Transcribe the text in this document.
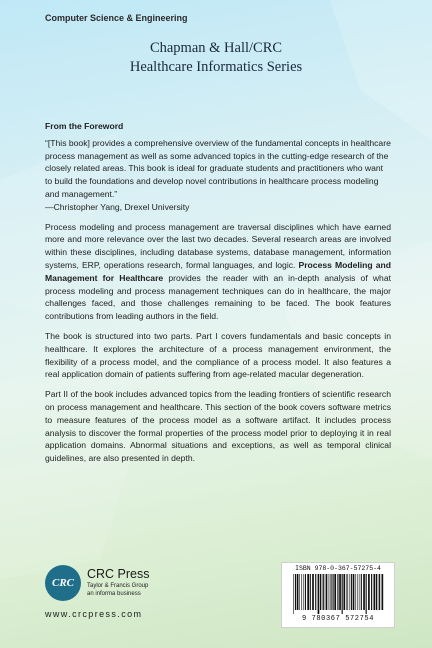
Computer Science & Engineering
Chapman & Hall/CRC
Healthcare Informatics Series
From the Foreword

“[This book] provides a comprehensive overview of the fundamental concepts in healthcare process management as well as some advanced topics in the cutting-edge research of the closely related areas. This book is ideal for graduate students and practitioners who want to build the foundations and develop novel contributions in healthcare process modeling and management.”
—Christopher Yang, Drexel University

Process modeling and process management are traversal disciplines which have earned more and more relevance over the last two decades. Several research areas are involved within these disciplines, including database systems, database management, information systems, ERP, operations research, formal languages, and logic. Process Modeling and Management for Healthcare provides the reader with an in-depth analysis of what process modeling and process management techniques can do in healthcare, the major challenges faced, and those challenges remaining to be faced. The book features contributions from leading authors in the field.

The book is structured into two parts. Part I covers fundamentals and basic concepts in healthcare. It explores the architecture of a process management environment, the flexibility of a process model, and the compliance of a process model. It also features a real application domain of patients suffering from age-related macular degeneration.

Part II of the book includes advanced topics from the leading frontiers of scientific research on process management and healthcare. This section of the book covers software metrics to measure features of the process model as a software artifact. It includes process analysis to discover the formal properties of the process model prior to deploying it in real application domains. Abnormal situations and exceptions, as well as temporal clinical guidelines, are also presented in depth.

CRC
CRC Press
Taylor & Francis Group
an informa business
www.crcpress.com
ISBN 978-0-367-57275-4
9 780367 572754
